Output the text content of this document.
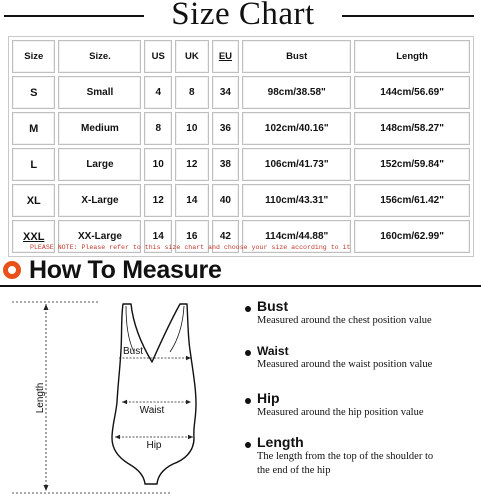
Size Chart
Size	Size.	US	UK	EU	Bust	Length
S	Small	4	8	34	98cm/38.58"	144cm/56.69"
M	Medium	8	10	36	102cm/40.16"	148cm/58.27"
L	Large	10	12	38	106cm/41.73"	152cm/59.84"
XL	X-Large	12	14	40	110cm/43.31"	156cm/61.42"
XXL	XX-Large	14	16	42	114cm/44.88"	160cm/62.99"
PLEASE NOTE: Please refer to this size chart and choose your size according to it
How To Measure
Length
Bust
Waist
Hip
Bust
Measured around the chest position value
Waist
Measured around the waist position value
Hip
Measured around the hip position value
Length
The length from the top of the shoulder to
the end of the hip
